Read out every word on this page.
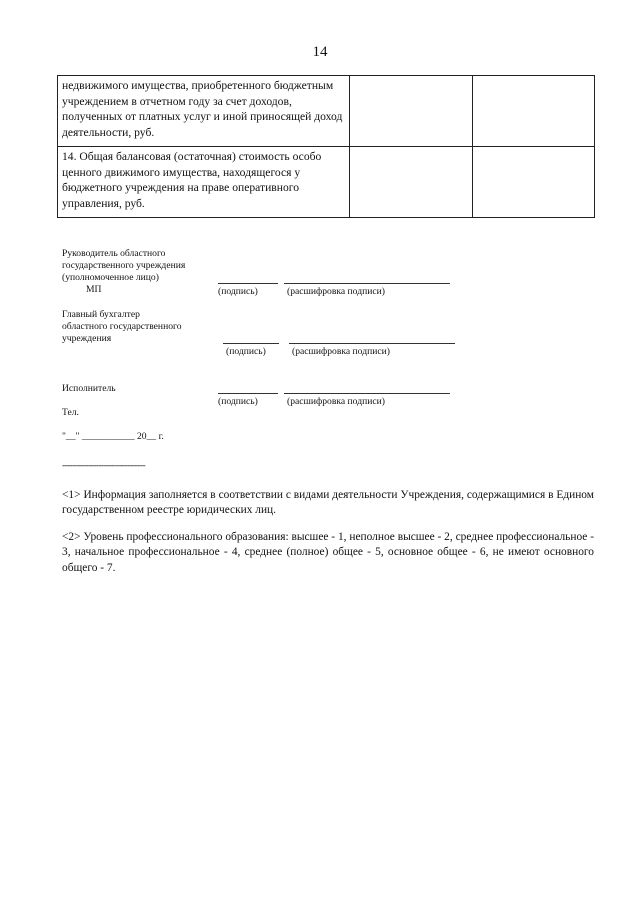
14
недвижимого имущества, приобретенного бюджетным учреждением в отчетном году за счет доходов, полученных от платных услуг и иной приносящей доход деятельности, руб.		
14. Общая балансовая (остаточная) стоимость особо ценного движимого имущества, находящегося у бюджетного учреждения на праве оперативного управления, руб.		
Руководитель областного
государственного учреждения
(уполномоченное лицо)
МП	(подпись)	(расшифровка подписи)
Главный бухгалтер
областного государственного
учреждения
(подпись)	(расшифровка подписи)
Исполнитель
(подпись)	(расшифровка подписи)
Тел.
"__" ___________ 20__ г.
--------------------------------
<1> Информация заполняется в соответствии с видами деятельности Учреждения, содержащимися в Едином государственном реестре юридических лиц.
<2> Уровень профессионального образования: высшее - 1, неполное высшее - 2, среднее профессиональное - 3, начальное профессиональное - 4, среднее (полное) общее - 5, основное общее - 6, не имеют основного общего - 7.
